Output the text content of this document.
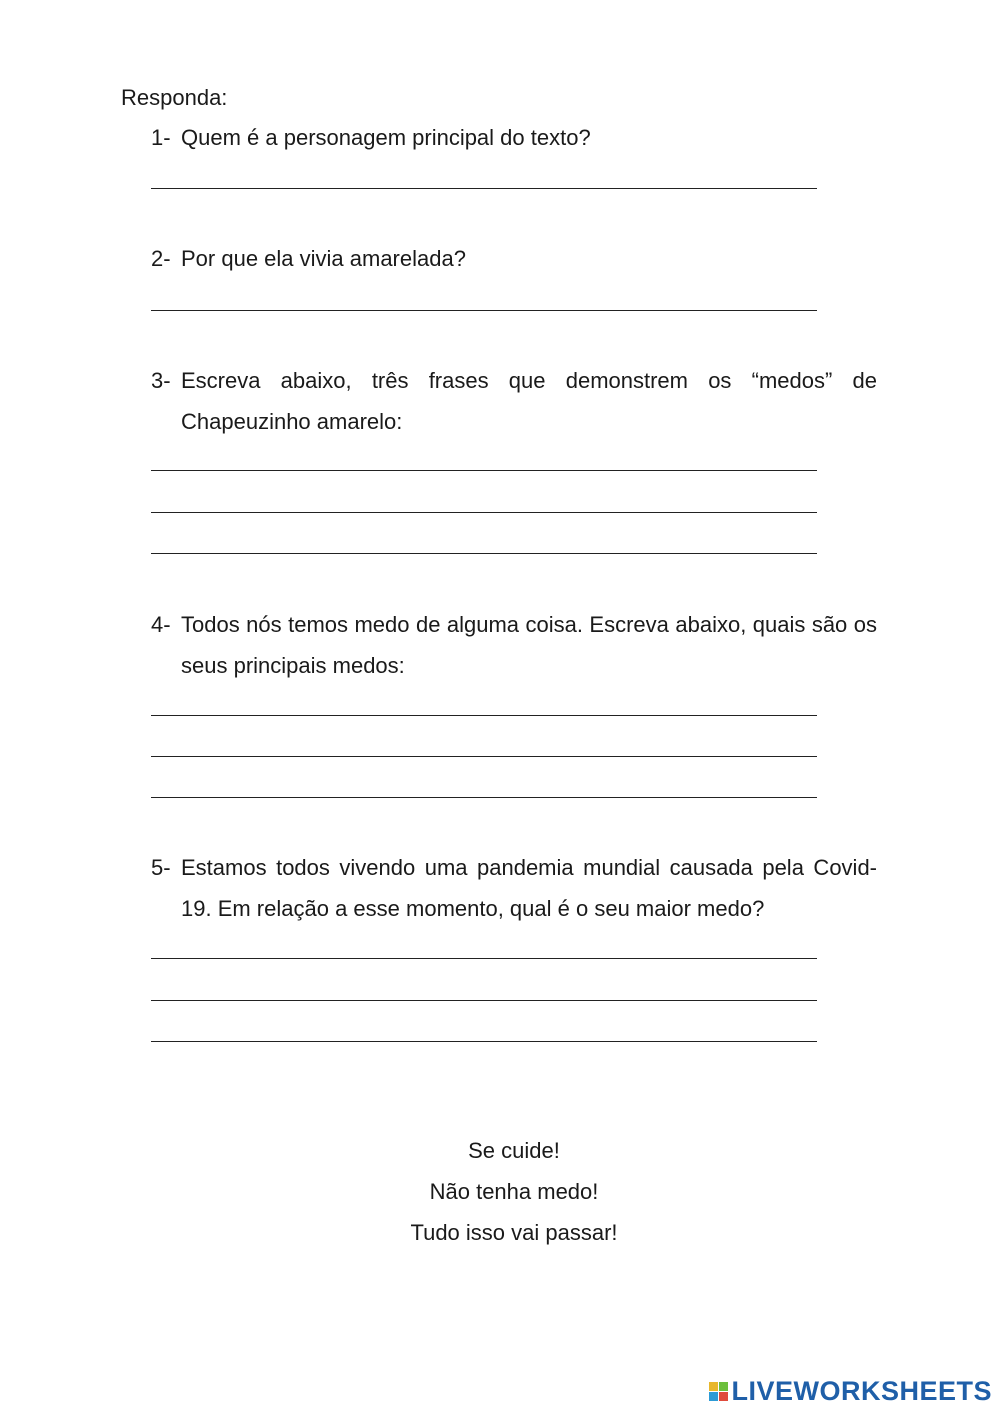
Responda:
1- Quem é a personagem principal do texto?
2- Por que ela vivia amarelada?
3- Escreva abaixo, três frases que demonstrem os “medos” de Chapeuzinho amarelo:
4- Todos nós temos medo de alguma coisa. Escreva abaixo, quais são os seus principais medos:
5- Estamos todos vivendo uma pandemia mundial causada pela Covid-19. Em relação a esse momento, qual é o seu maior medo?
Se cuide!
Não tenha medo!
Tudo isso vai passar!
LIVEWORKSHEETS
